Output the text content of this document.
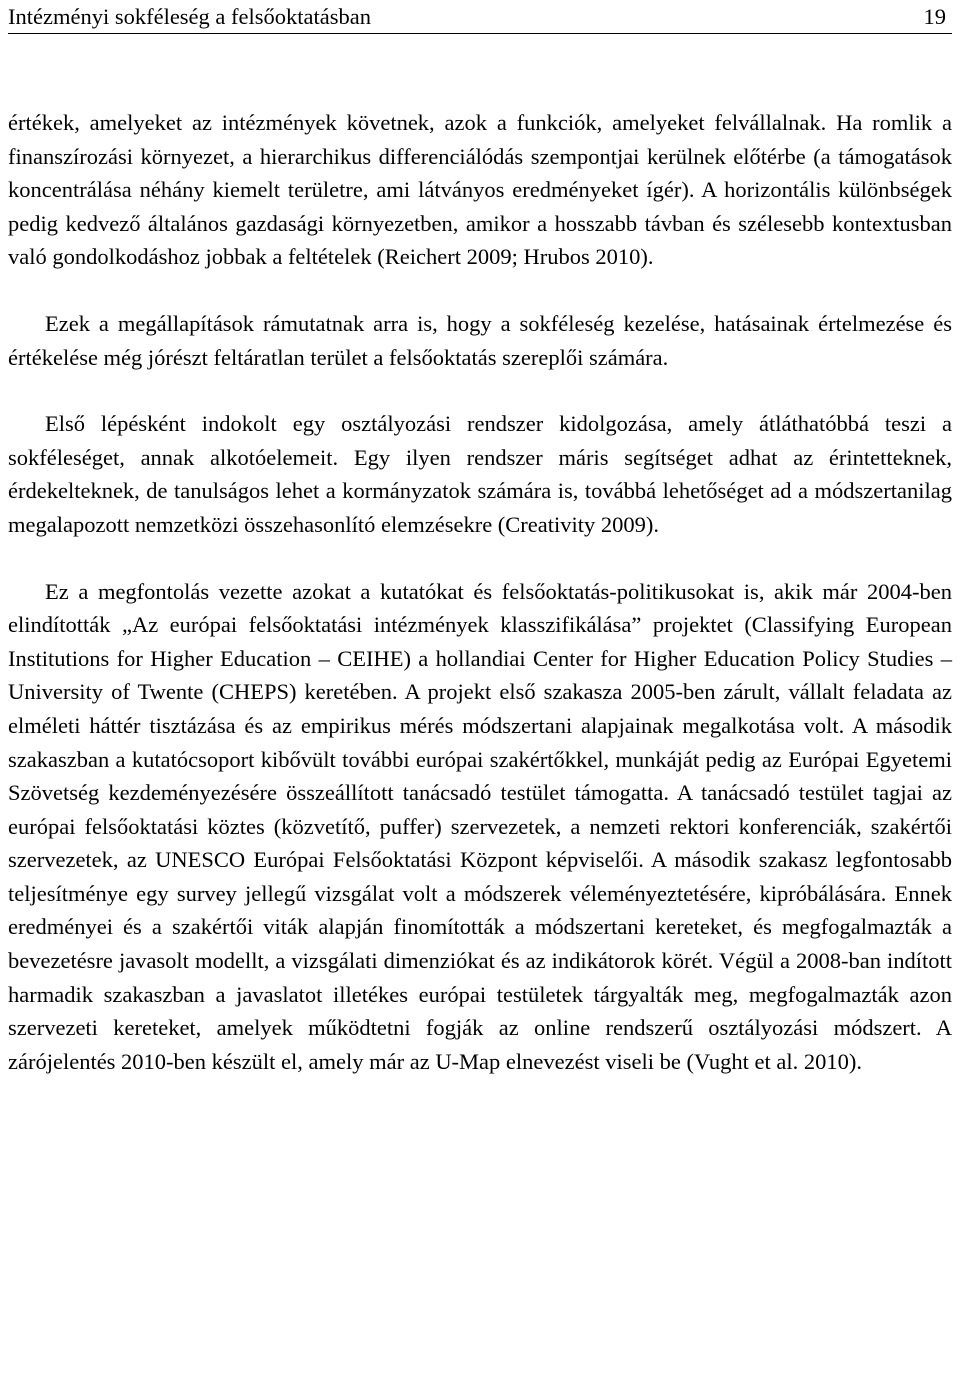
Intézményi sokféleség a felsőoktatásban	19

értékek, amelyeket az intézmények követnek, azok a funkciók, amelyeket felvállalnak. Ha romlik a finanszírozási környezet, a hierarchikus differenciálódás szempontjai kerülnek előtérbe (a támogatások koncentrálása néhány kiemelt területre, ami látványos eredményeket ígér). A horizontális különbségek pedig kedvező általános gazdasági környezetben, amikor a hosszabb távban és szélesebb kontextusban való gondolkodáshoz jobbak a feltételek (Reichert 2009; Hrubos 2010).

Ezek a megállapítások rámutatnak arra is, hogy a sokféleség kezelése, hatásainak értelmezése és értékelése még jórészt feltáratlan terület a felsőoktatás szereplői számára.

Első lépésként indokolt egy osztályozási rendszer kidolgozása, amely átláthatóbbá teszi a sokféleséget, annak alkotóelemeit. Egy ilyen rendszer máris segítséget adhat az érintetteknek, érdekelteknek, de tanulságos lehet a kormányzatok számára is, továbbá lehetőséget ad a módszertanilag megalapozott nemzetközi összehasonlító elemzésekre (Creativity 2009).

Ez a megfontolás vezette azokat a kutatókat és felsőoktatás-politikusokat is, akik már 2004-ben elindították „Az európai felsőoktatási intézmények klasszifikálása” projektet (Classifying European Institutions for Higher Education – CEIHE) a hollandiai Center for Higher Education Policy Studies – University of Twente (CHEPS) keretében. A projekt első szakasza 2005-ben zárult, vállalt feladata az elméleti háttér tisztázása és az empirikus mérés módszertani alapjainak megalkotása volt. A második szakaszban a kutatócsoport kibővült további európai szakértőkkel, munkáját pedig az Európai Egyetemi Szövetség kezdeményezésére összeállított tanácsadó testület támogatta. A tanácsadó testület tagjai az európai felsőoktatási köztes (közvetítő, puffer) szervezetek, a nemzeti rektori konferenciák, szakértői szervezetek, az UNESCO Európai Felsőoktatási Központ képviselői. A második szakasz legfontosabb teljesítménye egy survey jellegű vizsgálat volt a módszerek véleményeztetésére, kipróbálására. Ennek eredményei és a szakértői viták alapján finomították a módszertani kereteket, és megfogalmazták a bevezetésre javasolt modellt, a vizsgálati dimenziókat és az indikátorok körét. Végül a 2008-ban indított harmadik szakaszban a javaslatot illetékes európai testületek tárgyalták meg, megfogalmazták azon szervezeti kereteket, amelyek működtetni fogják az online rendszerű osztályozási módszert. A zárójelentés 2010-ben készült el, amely már az U-Map elnevezést viseli be (Vught et al. 2010).
